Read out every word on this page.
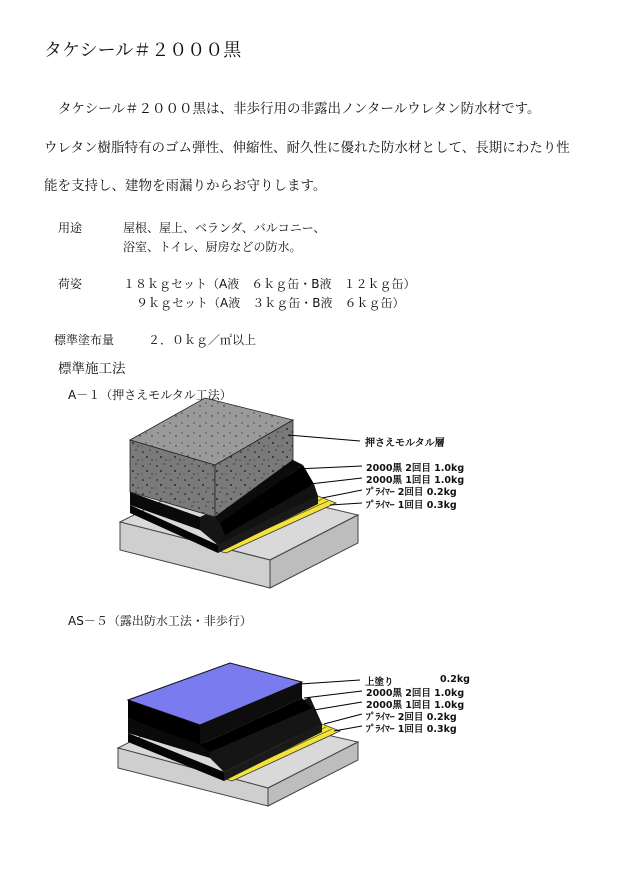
タケシール＃２０００黒
タケシール＃２０００黒は、非歩行用の非露出ノンタールウレタン防水材です。
ウレタン樹脂特有のゴム弾性、伸縮性、耐久性に優れた防水材として、長期にわたり性
能を支持し、建物を雨漏りからお守りします。
用途	屋根、屋上、ベランダ、バルコニー、
浴室、トイレ、厨房などの防水。
荷姿	１８ｋｇセット（A液　６ｋｇ缶・B液　１２ｋｇ缶）
９ｋｇセット（A液　３ｋｇ缶・B液　６ｋｇ缶）
標準塗布量	２．０ｋｇ／㎡以上
標準施工法
A－１（押さえモルタル工法）
AS－５（露出防水工法・非歩行）
押さえモルタル層
2000黒 2回目 1.0kg
2000黒 1回目 1.0kg
ﾌﾟﾗｲﾏｰ 2回目 0.2kg
ﾌﾟﾗｲﾏｰ 1回目 0.3kg
上塗り	0.2kg
2000黒 2回目 1.0kg
2000黒 1回目 1.0kg
ﾌﾟﾗｲﾏｰ 2回目 0.2kg
ﾌﾟﾗｲﾏｰ 1回目 0.3kg
